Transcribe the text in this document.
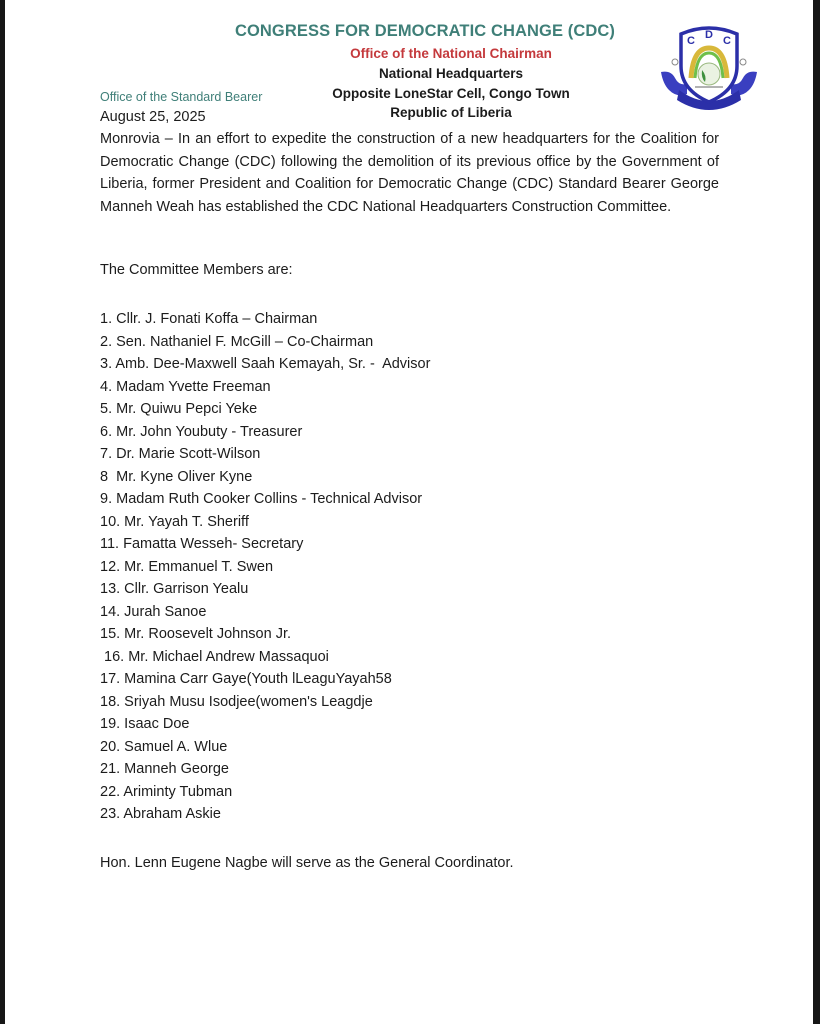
CONGRESS FOR DEMOCRATIC CHANGE (CDC)
Office of the National Chairman
National Headquarters
Opposite LoneStar Cell, Congo Town
Republic of Liberia
Office of the Standard Bearer
August 25, 2025
C D C
Monrovia – In an effort to expedite the construction of a new headquarters for the Coalition for Democratic Change (CDC) following the demolition of its previous office by the Government of Liberia, former President and Coalition for Democratic Change (CDC) Standard Bearer George Manneh Weah has established the CDC National Headquarters Construction Committee.
The Committee Members are:
1. Cllr. J. Fonati Koffa – Chairman
2. Sen. Nathaniel F. McGill – Co-Chairman
3. Amb. Dee-Maxwell Saah Kemayah, Sr. -  Advisor
4. Madam Yvette Freeman
5. Mr. Quiwu Pepci Yeke
6. Mr. John Youbuty - Treasurer
7. Dr. Marie Scott-Wilson
8  Mr. Kyne Oliver Kyne
9. Madam Ruth Cooker Collins - Technical Advisor
10. Mr. Yayah T. Sheriff
11. Famatta Wesseh- Secretary
12. Mr. Emmanuel T. Swen
13. Cllr. Garrison Yealu
14. Jurah Sanoe
15. Mr. Roosevelt Johnson Jr.
16. Mr. Michael Andrew Massaquoi
17. Mamina Carr Gaye(Youth lLeaguYayah58
18. Sriyah Musu Isodjee(women's Leagdje
19. Isaac Doe
20. Samuel A. Wlue
21. Manneh George
22. Ariminty Tubman
23. Abraham Askie
Hon. Lenn Eugene Nagbe will serve as the General Coordinator.
